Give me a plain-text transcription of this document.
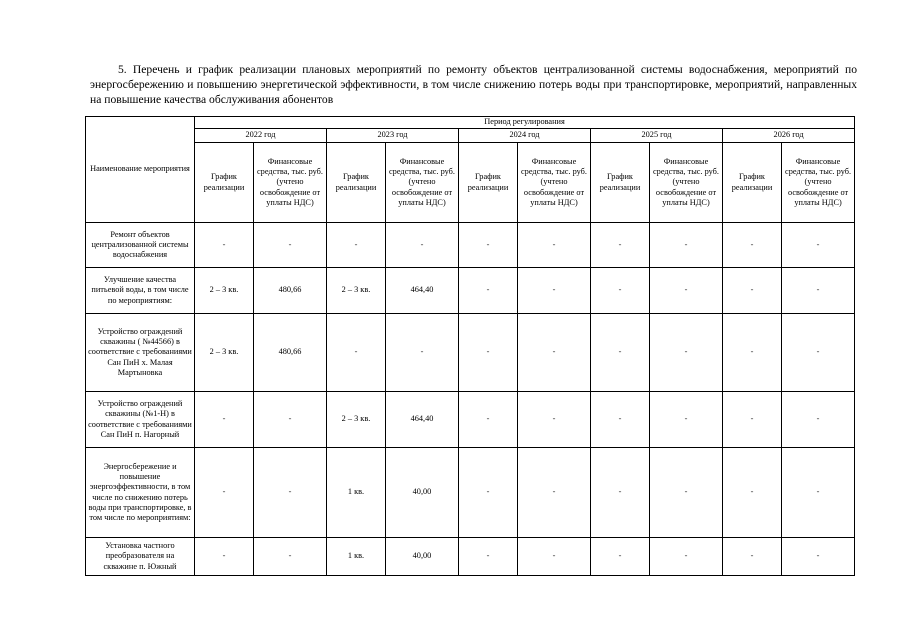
5. Перечень и график реализации плановых мероприятий по ремонту объектов централизованной системы водоснабжения, мероприятий по энергосбережению и повышению энергетической эффективности, в том числе снижению потерь воды при транспортировке, мероприятий, направленных на повышение качества обслуживания абонентов

Наименование мероприятия	Период регулирования									
	2022 год		2023 год		2024 год		2025 год		2026 год	
	График реализации	Финансовые средства, тыс. руб. (учтено освобождение от уплаты НДС)	График реализации	Финансовые средства, тыс. руб. (учтено освобождение от уплаты НДС)	График реализации	Финансовые средства, тыс. руб. (учтено освобождение от уплаты НДС)	График реализации	Финансовые средства, тыс. руб. (учтено освобождение от уплаты НДС)	График реализации	Финансовые средства, тыс. руб. (учтено освобождение от уплаты НДС)
Ремонт объектов централизованной системы водоснабжения	-	-	-	-	-	-	-	-	-	-
Улучшение качества питьевой воды, в том числе по мероприятиям:	2 – 3 кв.	480,66	2 – 3 кв.	464,40	-	-	-	-	-	-
Устройство ограждений скважины ( №44566) в соответствие с требованиями Сан ПиН х. Малая Мартыновка	2 – 3 кв.	480,66	-	-	-	-	-	-	-	-
Устройство ограждений скважины (№1-Н) в соответствие с требованиями Сан ПиН п. Нагорный	-	-	2 – 3 кв.	464,40	-	-	-	-	-	-
Энергосбережение и повышение энергоэффективности, в том числе по снижению потерь воды при транспортировке, в том числе по мероприятиям:	-	-	1 кв.	40,00	-	-	-	-	-	-
Установка частного преобразователя на скважине п. Южный	-	-	1 кв.	40,00	-	-	-	-	-	-
